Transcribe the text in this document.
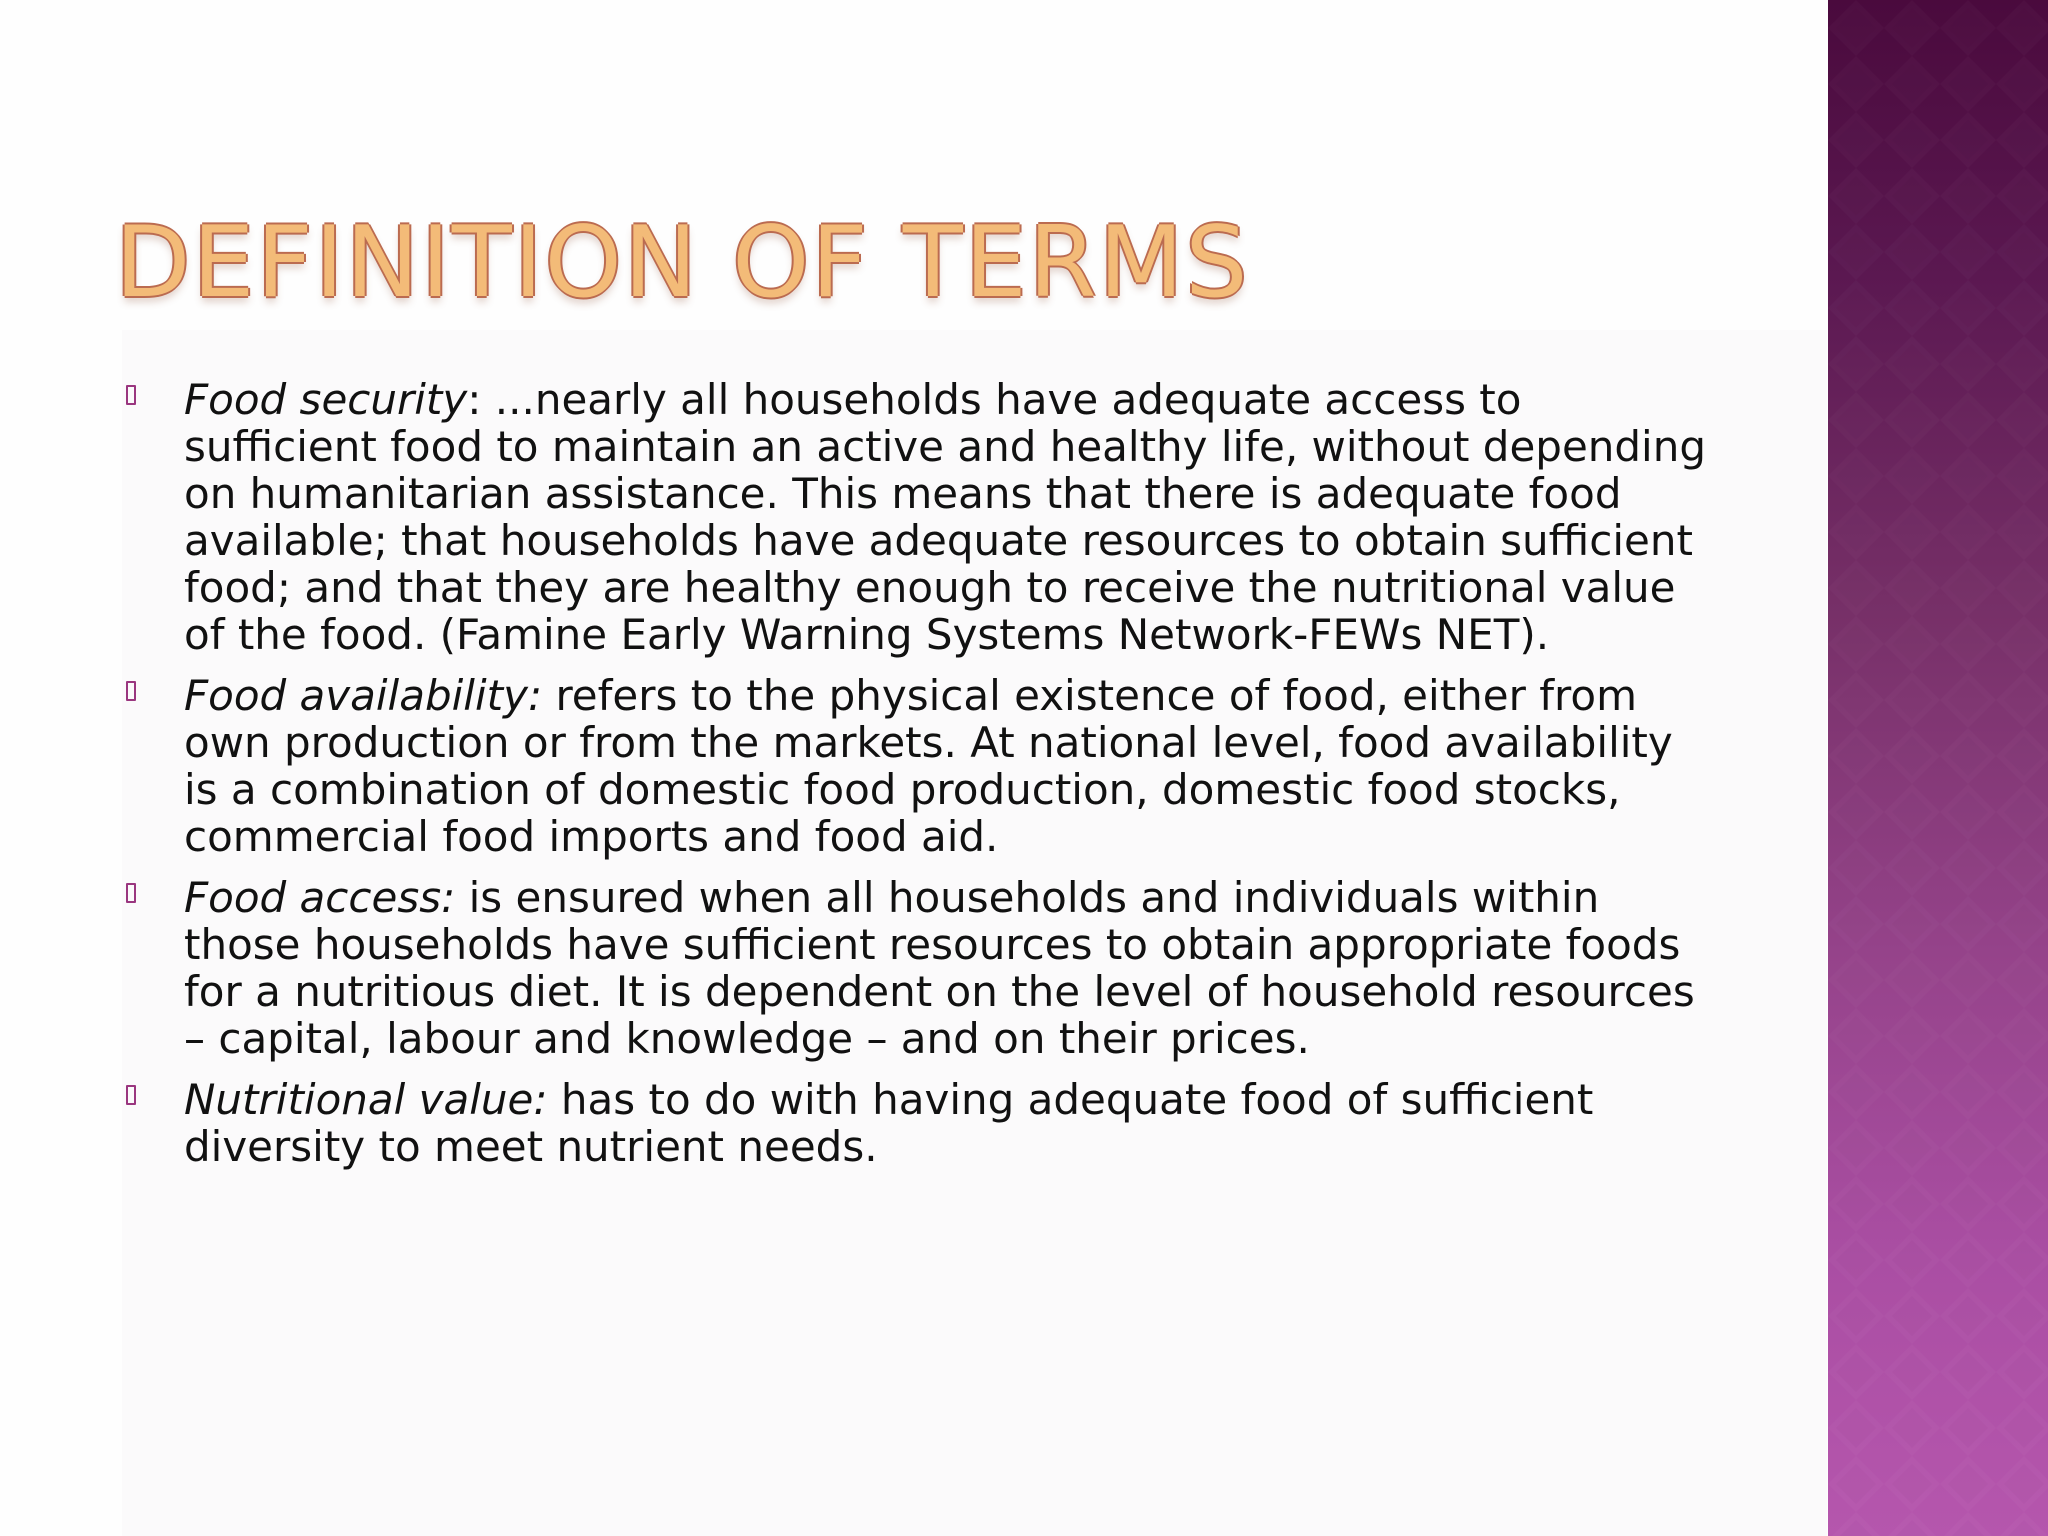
DEFINITION OF TERMS
Food security: ...nearly all households have adequate access to sufficient food to maintain an active and healthy life, without depending on humanitarian assistance. This means that there is adequate food available; that households have adequate resources to obtain sufficient food; and that they are healthy enough to receive the nutritional value of the food. (Famine Early Warning Systems Network-FEWs NET).
Food availability: refers to the physical existence of food, either from own production or from the markets. At national level, food availability is a combination of domestic food production, domestic food stocks, commercial food imports and food aid.
Food access: is ensured when all households and individuals within those households have sufficient resources to obtain appropriate foods for a nutritious diet. It is dependent on the level of household resources – capital, labour and knowledge – and on their prices.
Nutritional value: has to do with having adequate food of sufficient diversity to meet nutrient needs.
